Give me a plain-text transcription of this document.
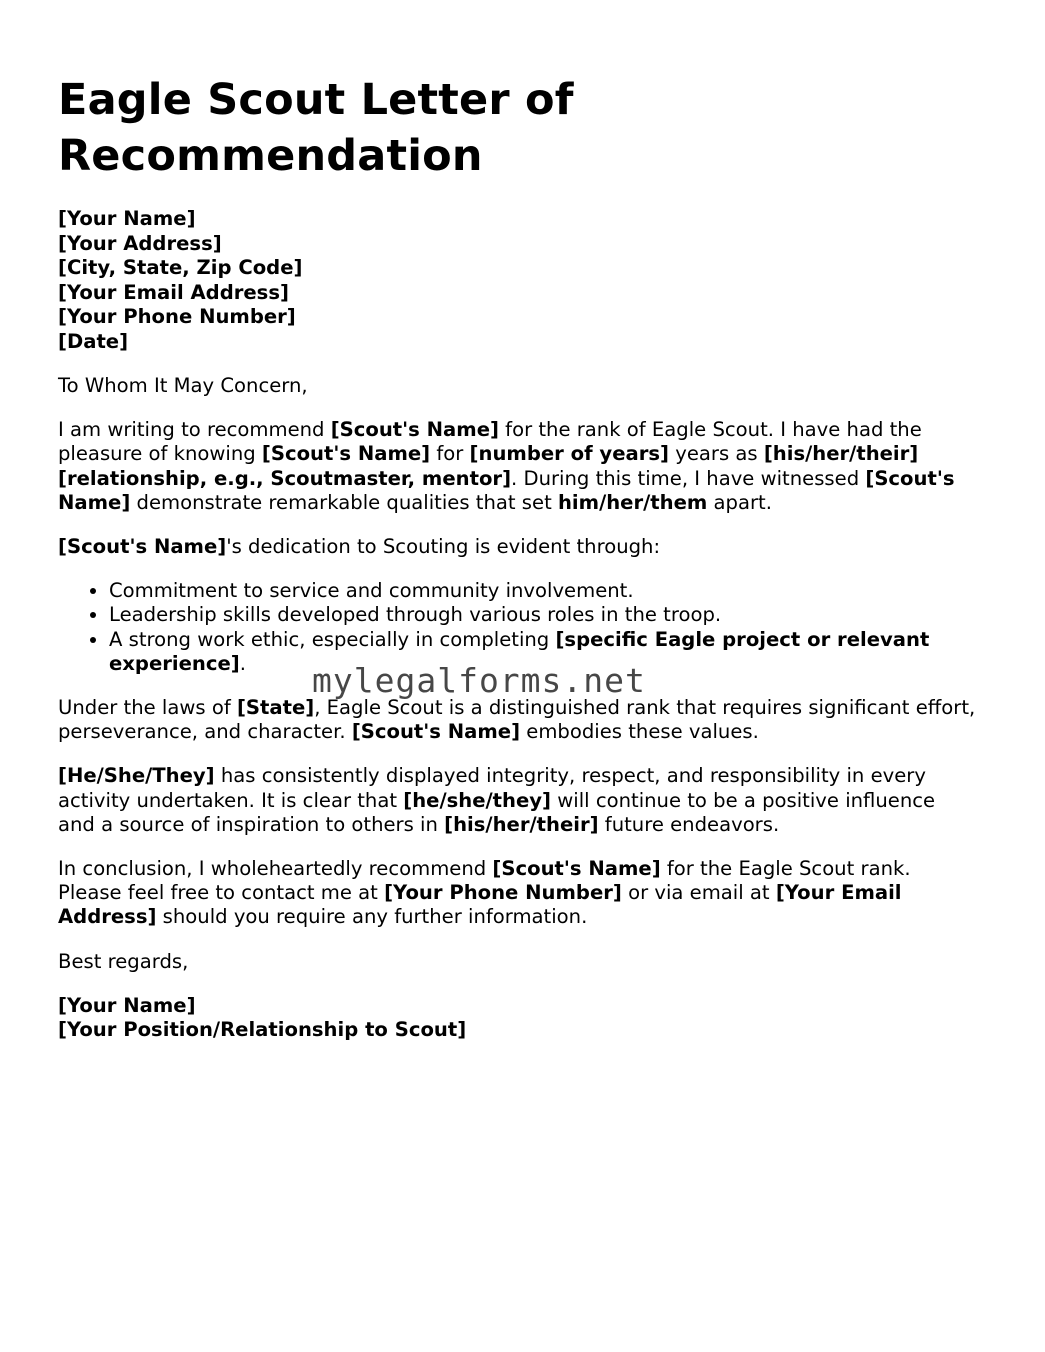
Eagle Scout Letter of Recommendation
[Your Name]
[Your Address]
[City, State, Zip Code]
[Your Email Address]
[Your Phone Number]
[Date]

To Whom It May Concern,

I am writing to recommend [Scout's Name] for the rank of Eagle Scout. I have had the pleasure of knowing [Scout's Name] for [number of years] years as [his/her/their] [relationship, e.g., Scoutmaster, mentor]. During this time, I have witnessed [Scout's Name] demonstrate remarkable qualities that set him/her/them apart.

[Scout's Name]'s dedication to Scouting is evident through:

• Commitment to service and community involvement.
• Leadership skills developed through various roles in the troop.
• A strong work ethic, especially in completing [specific Eagle project or relevant experience].

Under the laws of [State], Eagle Scout is a distinguished rank that requires significant effort, perseverance, and character. [Scout's Name] embodies these values.

[He/She/They] has consistently displayed integrity, respect, and responsibility in every activity undertaken. It is clear that [he/she/they] will continue to be a positive influence and a source of inspiration to others in [his/her/their] future endeavors.

In conclusion, I wholeheartedly recommend [Scout's Name] for the Eagle Scout rank. Please feel free to contact me at [Your Phone Number] or via email at [Your Email Address] should you require any further information.

Best regards,

[Your Name]
[Your Position/Relationship to Scout]
mylegalforms.net
